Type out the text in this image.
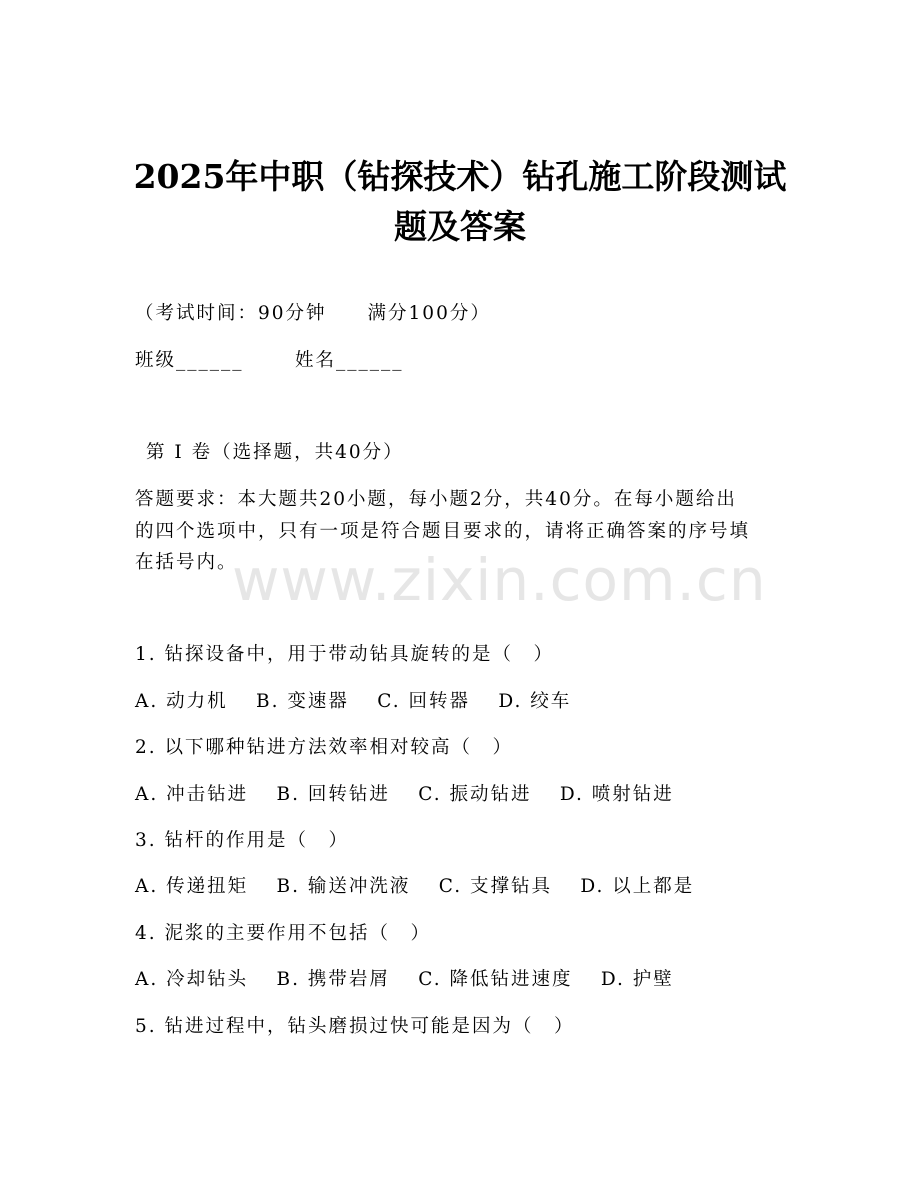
www.zixin.com.cn
2025年中职（钻探技术）钻孔施工阶段测试
题及答案
（考试时间：90分钟　　满分100分）
班级______	姓名______
第 I 卷（选择题，共40分）
答题要求：本大题共20小题，每小题2分，共40分。在每小题给出
的四个选项中，只有一项是符合题目要求的，请将正确答案的序号填
在括号内。
1. 钻探设备中，用于带动钻具旋转的是（　）
A. 动力机　 B. 变速器　 C. 回转器　 D. 绞车
2. 以下哪种钻进方法效率相对较高（　）
A. 冲击钻进　 B. 回转钻进　 C. 振动钻进　 D. 喷射钻进
3. 钻杆的作用是（　）
A. 传递扭矩　 B. 输送冲洗液　 C. 支撑钻具　 D. 以上都是
4. 泥浆的主要作用不包括（　）
A. 冷却钻头　 B. 携带岩屑　 C. 降低钻进速度　 D. 护壁
5. 钻进过程中，钻头磨损过快可能是因为（　）
